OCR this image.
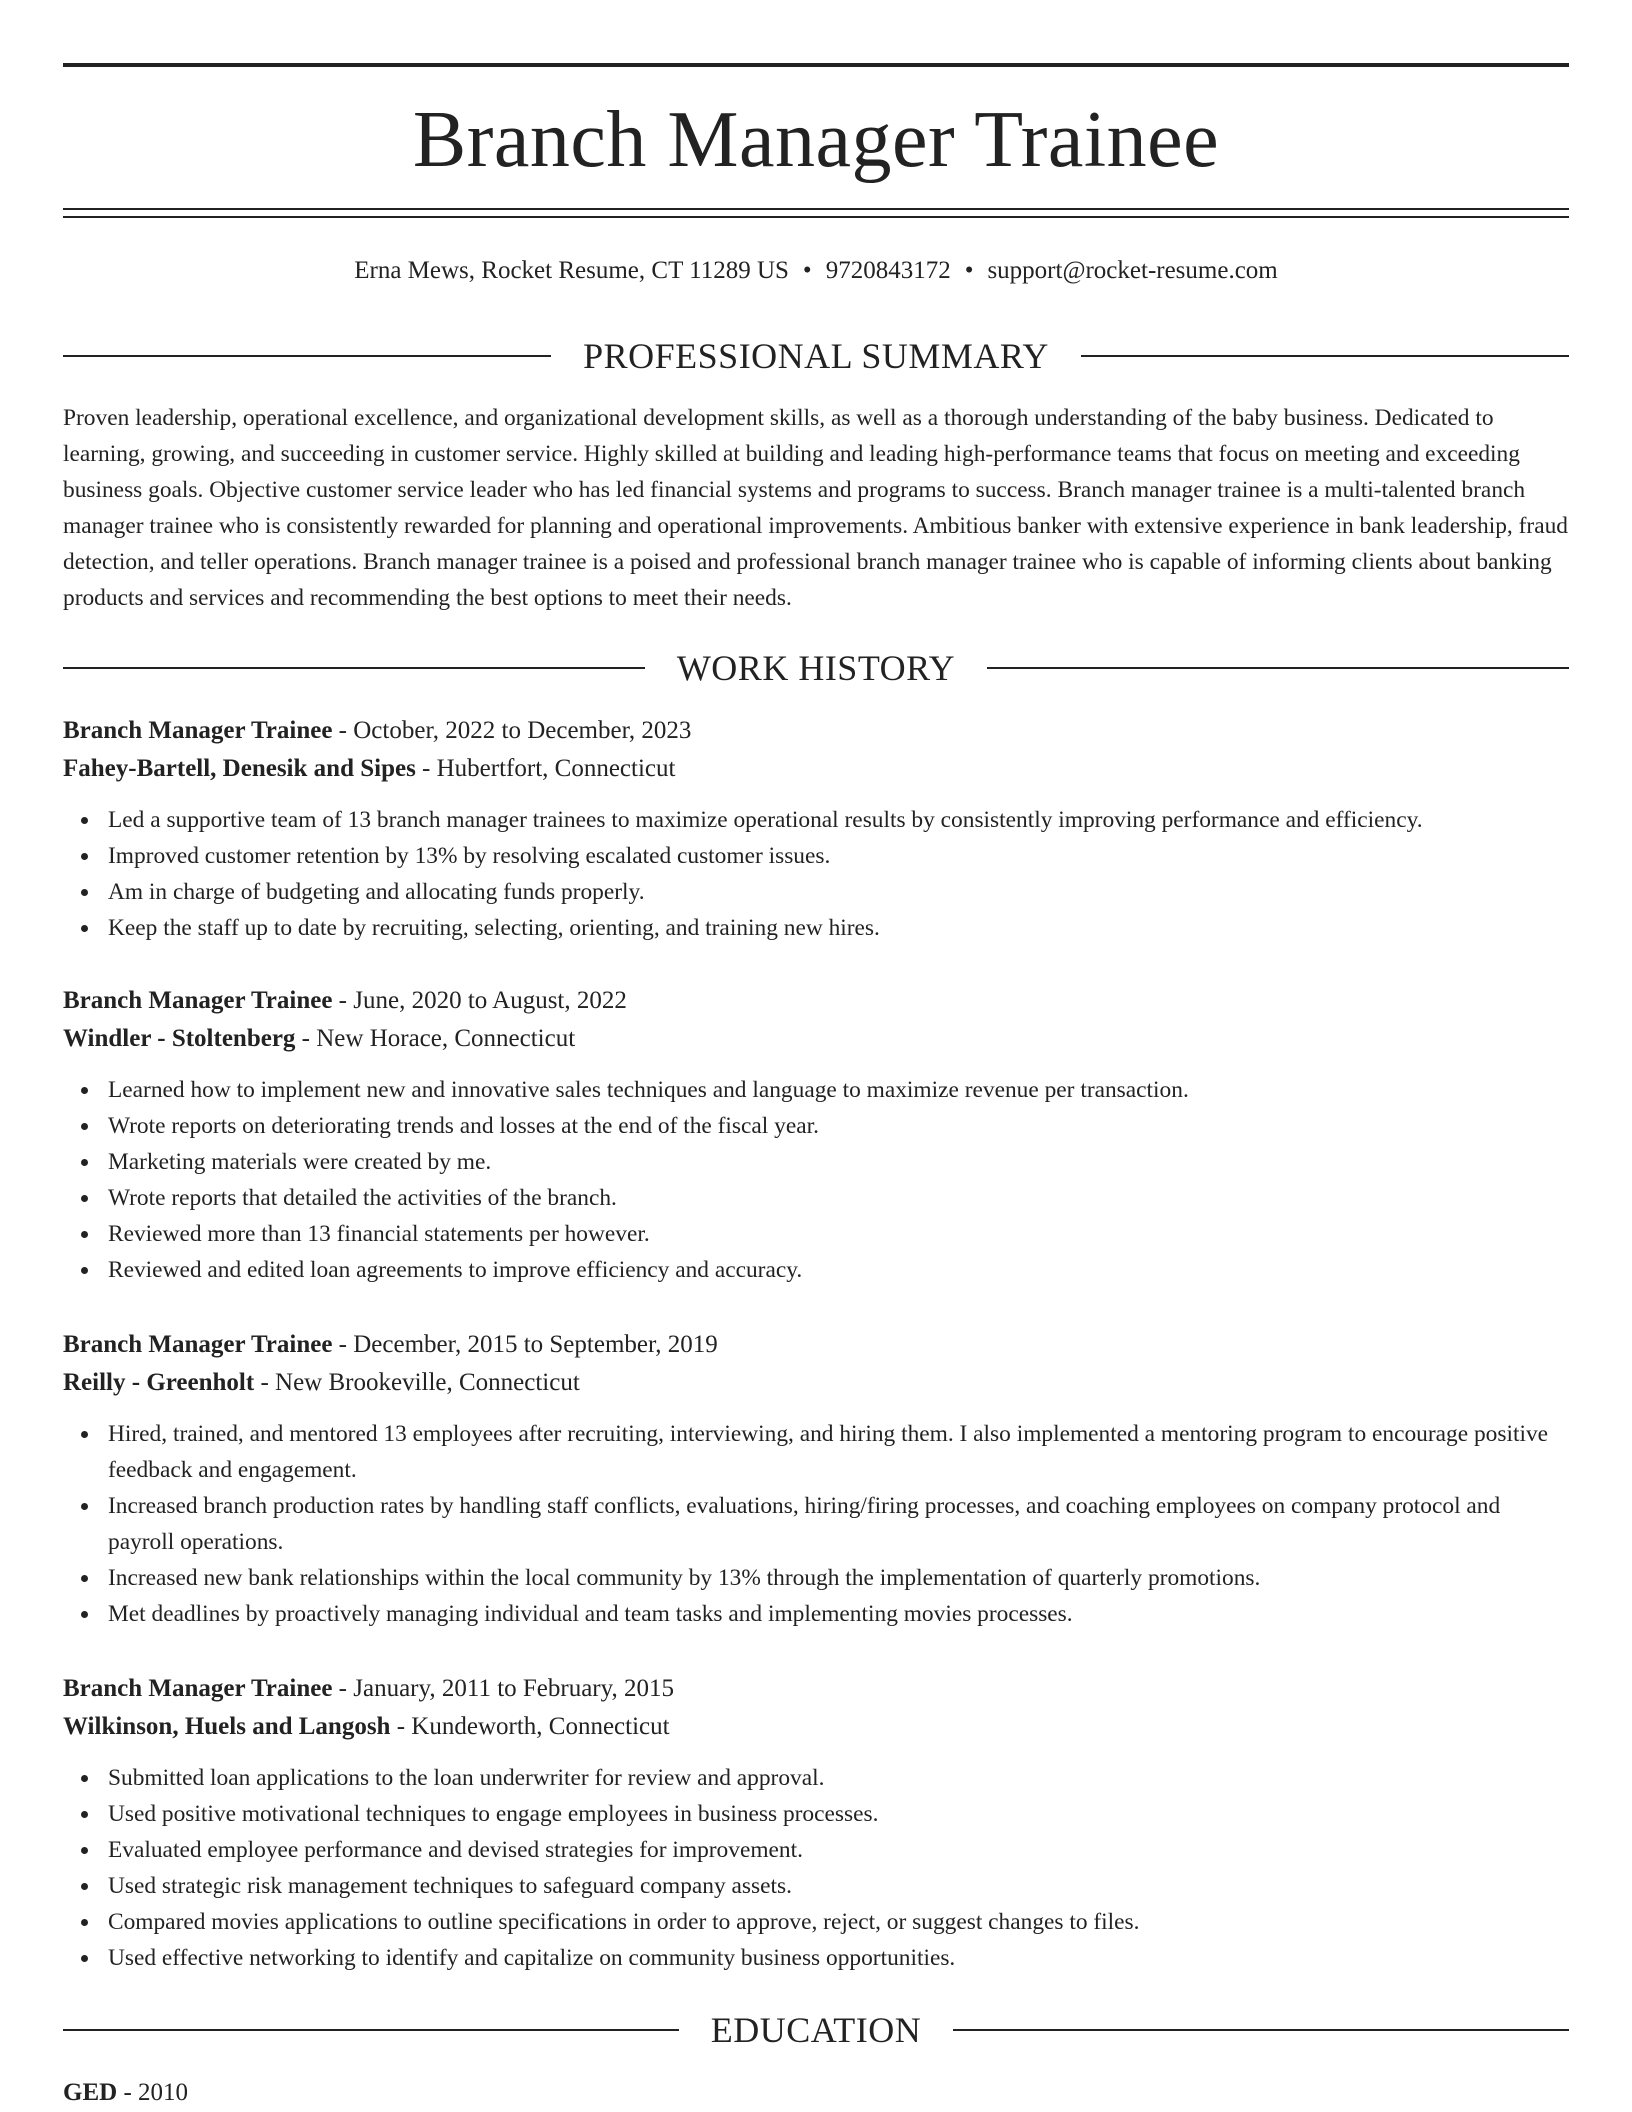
Branch Manager Trainee
Erna Mews, Rocket Resume, CT 11289 US • 9720843172 • support@rocket-resume.com
PROFESSIONAL SUMMARY
Proven leadership, operational excellence, and organizational development skills, as well as a thorough understanding of the baby business. Dedicated to learning, growing, and succeeding in customer service. Highly skilled at building and leading high-performance teams that focus on meeting and exceeding business goals. Objective customer service leader who has led financial systems and programs to success. Branch manager trainee is a multi-talented branch manager trainee who is consistently rewarded for planning and operational improvements. Ambitious banker with extensive experience in bank leadership, fraud detection, and teller operations. Branch manager trainee is a poised and professional branch manager trainee who is capable of informing clients about banking products and services and recommending the best options to meet their needs.
WORK HISTORY
Branch Manager Trainee - October, 2022 to December, 2023
Fahey-Bartell, Denesik and Sipes - Hubertfort, Connecticut
Led a supportive team of 13 branch manager trainees to maximize operational results by consistently improving performance and efficiency.
Improved customer retention by 13% by resolving escalated customer issues.
Am in charge of budgeting and allocating funds properly.
Keep the staff up to date by recruiting, selecting, orienting, and training new hires.
Branch Manager Trainee - June, 2020 to August, 2022
Windler - Stoltenberg - New Horace, Connecticut
Learned how to implement new and innovative sales techniques and language to maximize revenue per transaction.
Wrote reports on deteriorating trends and losses at the end of the fiscal year.
Marketing materials were created by me.
Wrote reports that detailed the activities of the branch.
Reviewed more than 13 financial statements per however.
Reviewed and edited loan agreements to improve efficiency and accuracy.
Branch Manager Trainee - December, 2015 to September, 2019
Reilly - Greenholt - New Brookeville, Connecticut
Hired, trained, and mentored 13 employees after recruiting, interviewing, and hiring them. I also implemented a mentoring program to encourage positive feedback and engagement.
Increased branch production rates by handling staff conflicts, evaluations, hiring/firing processes, and coaching employees on company protocol and payroll operations.
Increased new bank relationships within the local community by 13% through the implementation of quarterly promotions.
Met deadlines by proactively managing individual and team tasks and implementing movies processes.
Branch Manager Trainee - January, 2011 to February, 2015
Wilkinson, Huels and Langosh - Kundeworth, Connecticut
Submitted loan applications to the loan underwriter for review and approval.
Used positive motivational techniques to engage employees in business processes.
Evaluated employee performance and devised strategies for improvement.
Used strategic risk management techniques to safeguard company assets.
Compared movies applications to outline specifications in order to approve, reject, or suggest changes to files.
Used effective networking to identify and capitalize on community business opportunities.
EDUCATION
GED - 2010
